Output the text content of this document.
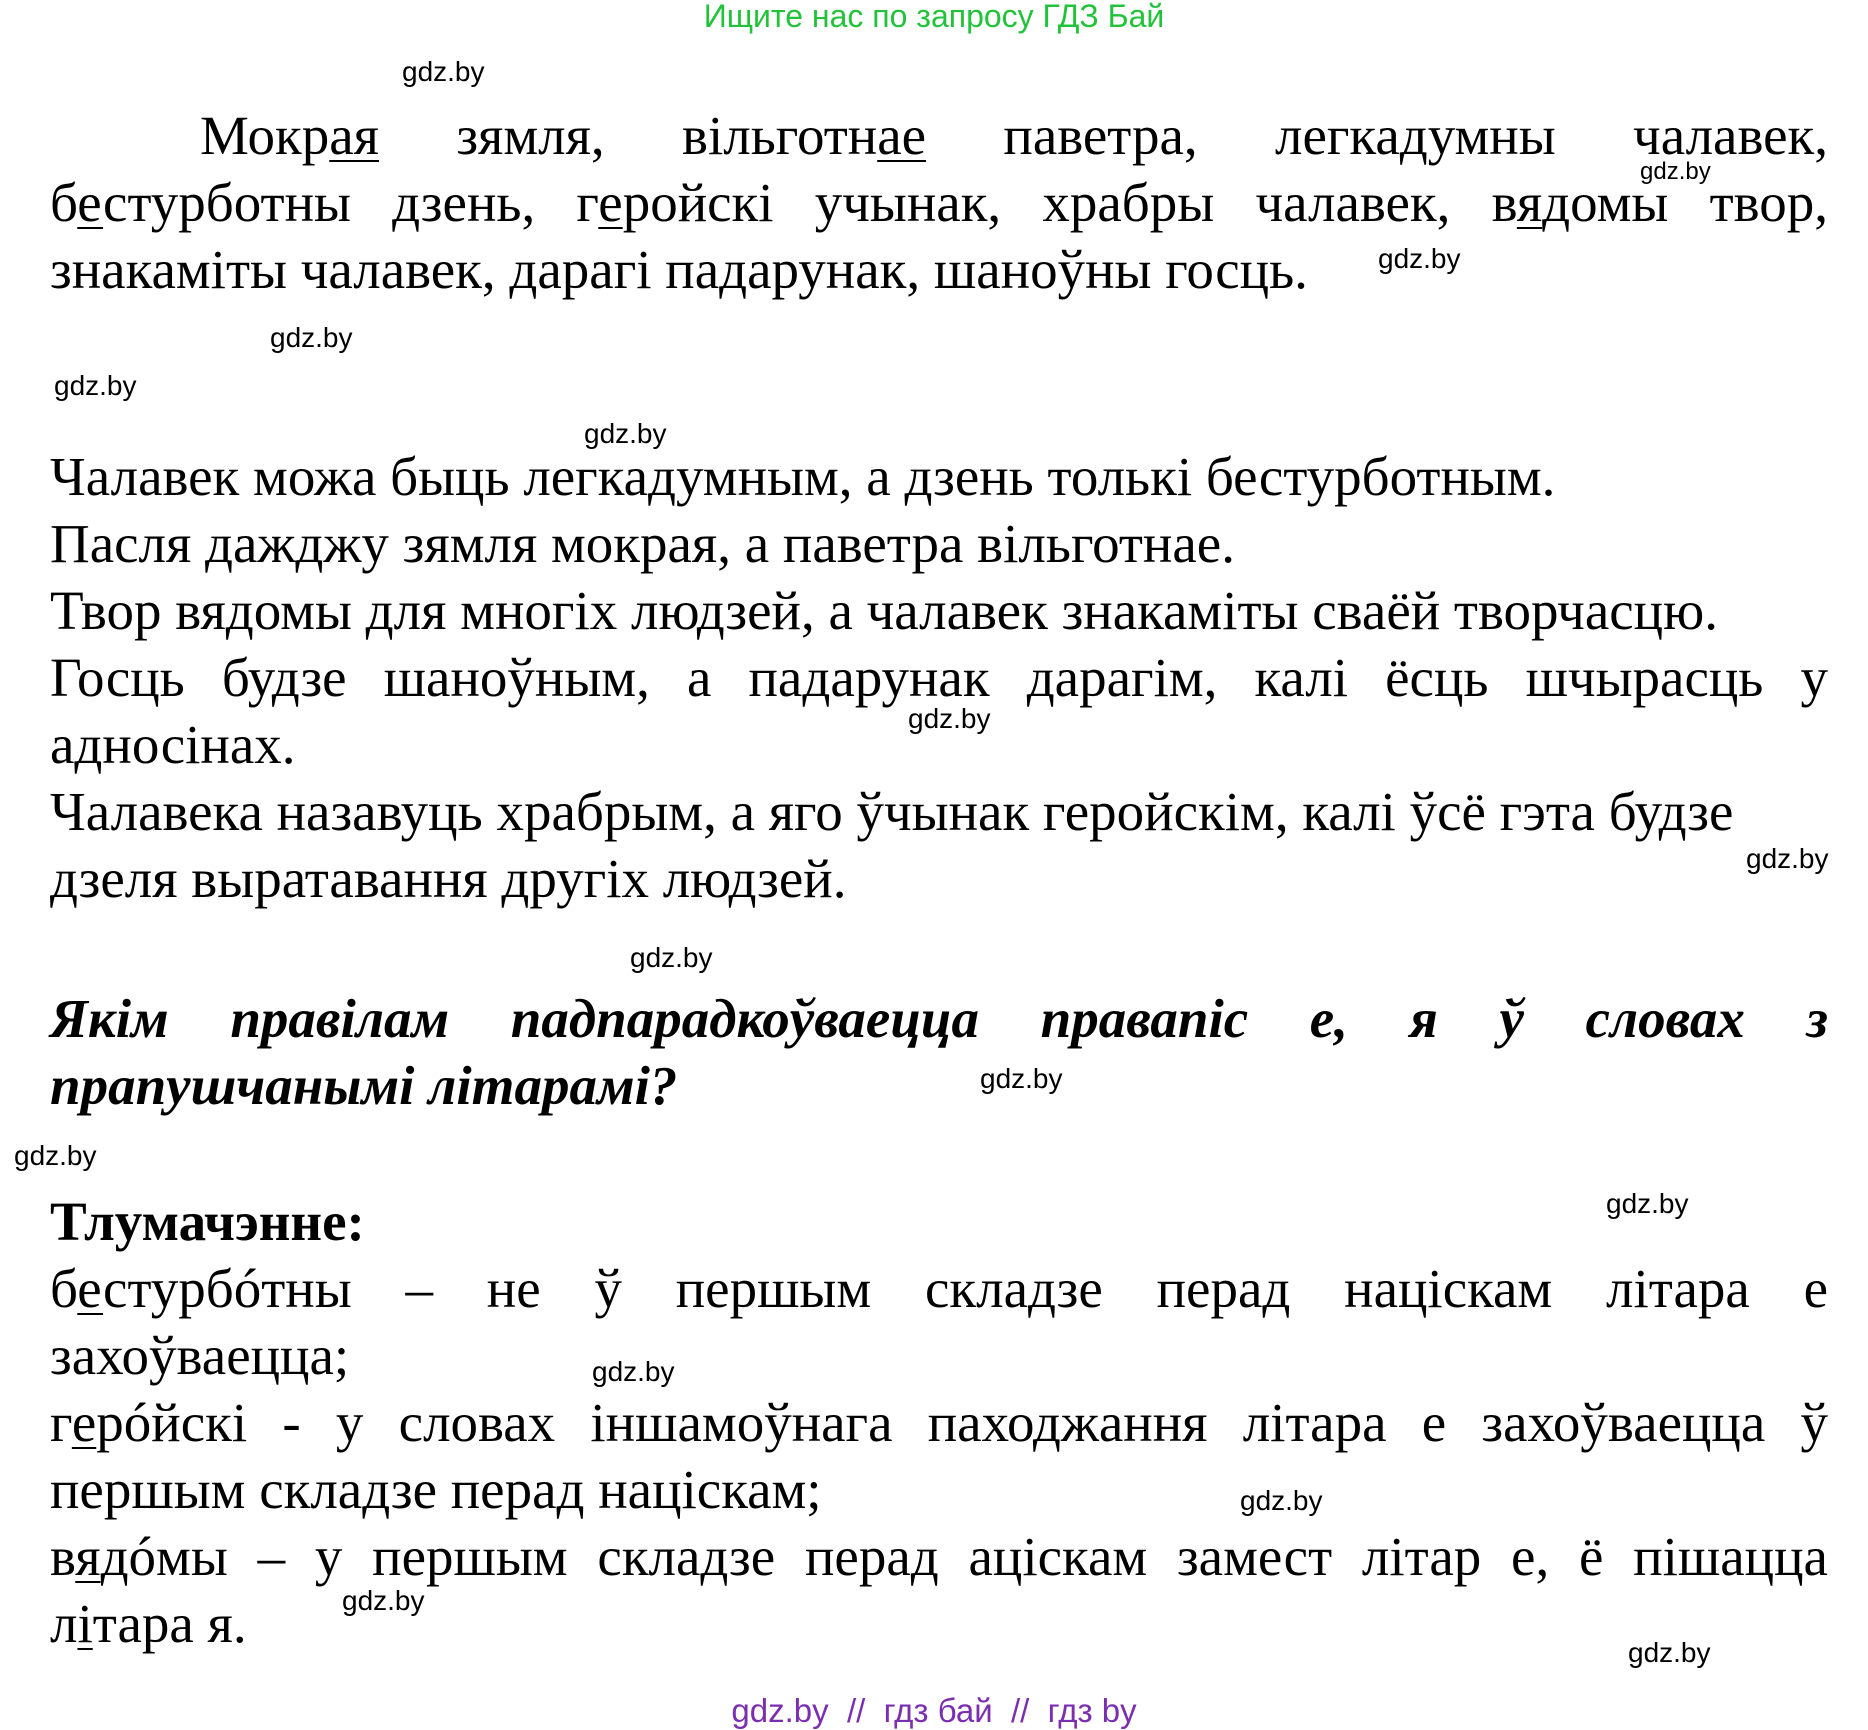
Ищите нас по запросу ГДЗ Бай
Мокрая зямля, вільготнае паветра, легкадумны чалавек,
бестурботны дзень, геройскі учынак, храбры чалавек, вядомы твор,
знакаміты чалавек, дарагі падарунак, шаноўны госць.
Чалавек можа быць легкадумным, а дзень толькі бестурботным.
Пасля дажджу зямля мокрая, а паветра вільготнае.
Твор вядомы для многіх людзей, а чалавек знакаміты сваёй творчасцю.
Госць будзе шаноўным, а падарунак дарагім, калі ёсць шчырасць у
адносінах.
Чалавека назавуць храбрым, а яго ўчынак геройскім, калі ўсё гэта будзе
дзеля выратавання другіх людзей.
Якім правілам падпарадкоўваецца правапіс е, я ў словах з
прапушчанымі літарамі?
Тлумачэнне:
бестурбóтны – не ў першым складзе перад націскам літара е
захоўваецца;
герóйскі - у словах іншамоўнага паходжання літара е захоўваецца ў
першым складзе перад націскам;
вядóмы – у першым складзе перад аціскам замест літар е, ё пішацца
літара я.
gdz.by
gdz.by
gdz.by
gdz.by
gdz.by
gdz.by
gdz.by
gdz.by
gdz.by
gdz.by
gdz.by
gdz.by
gdz.by
gdz.by
gdz.by
gdz.by
gdz.by  //  гдз бай  //  гдз by
